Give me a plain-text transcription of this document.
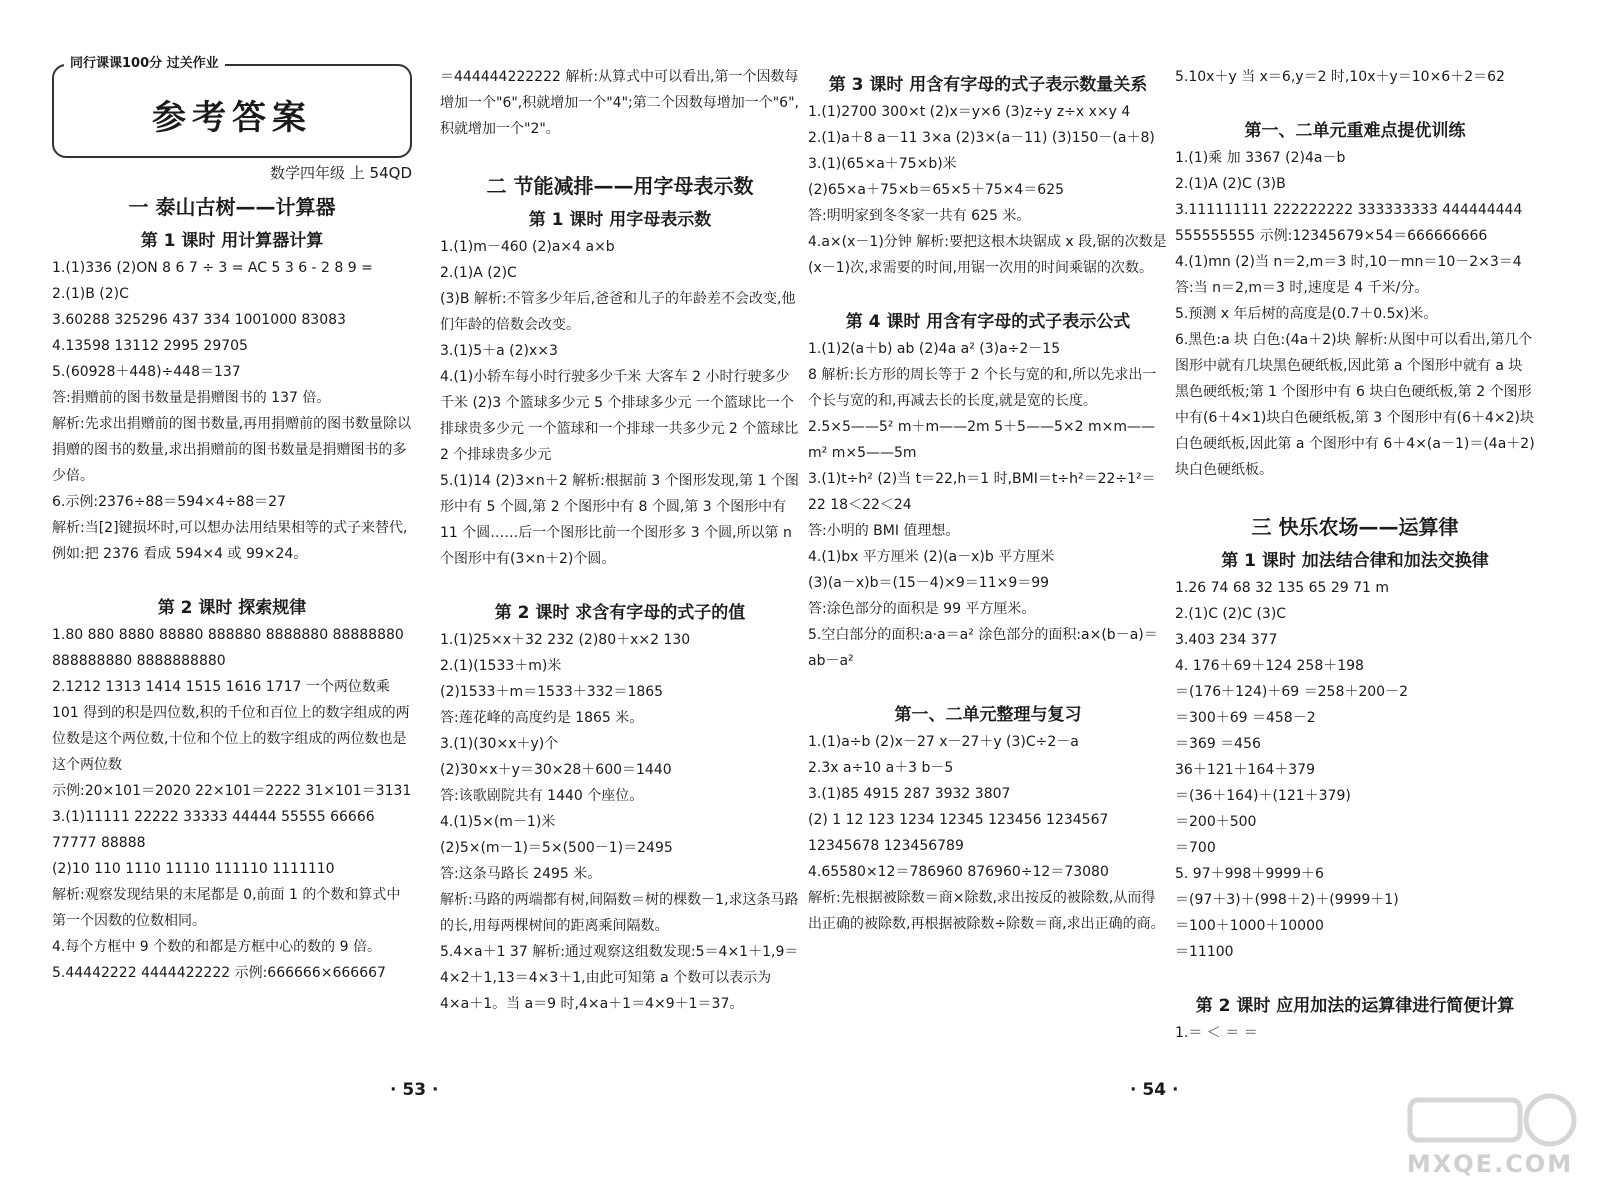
同行课课100分 过关作业
参考答案
数学四年级 上 54QD
一 泰山古树——计算器
第 1 课时 用计算器计算

1.(1)336 (2)ON 8 6 7 ÷ 3 = AC 5 3 6 - 2 8 9 =

2.(1)B (2)C

3.60288 325296 437 334 1001000 83083

4.13598 13112 2995 29705

5.(60928＋448)÷448＝137

答:捐赠前的图书数量是捐赠图书的 137 倍。

解析:先求出捐赠前的图书数量,再用捐赠前的图书数量除以捐赠的图书的数量,求出捐赠前的图书数量是捐赠图书的多少倍。

6.示例:2376÷88＝594×4÷88＝27

解析:当[2]键损坏时,可以想办法用结果相等的式子来替代,例如:把 2376 看成 594×4 或 99×24。

第 2 课时 探索规律

1.80 880 8880 88880 888880 8888880 88888880 888888880 8888888880

2.1212 1313 1414 1515 1616 1717 一个两位数乘 101 得到的积是四位数,积的千位和百位上的数字组成的两位数是这个两位数,十位和个位上的数字组成的两位数也是这个两位数

示例:20×101＝2020 22×101＝2222 31×101＝3131

3.(1)11111 22222 33333 44444 55555 66666 77777 88888

(2)10 110 1110 11110 111110 1111110

解析:观察发现结果的末尾都是 0,前面 1 的个数和算式中第一个因数的位数相同。

4.每个方框中 9 个数的和都是方框中心的数的 9 倍。

5.44442222 4444422222 示例:666666×666667

＝444444222222 解析:从算式中可以看出,第一个因数每增加一个"6",积就增加一个"4";第二个因数每增加一个"6",积就增加一个"2"。

二 节能减排——用字母表示数
第 1 课时 用字母表示数

1.(1)m－460 (2)a×4 a×b

2.(1)A (2)C

(3)B 解析:不管多少年后,爸爸和儿子的年龄差不会改变,他们年龄的倍数会改变。

3.(1)5＋a (2)x×3

4.(1)小轿车每小时行驶多少千米 大客车 2 小时行驶多少千米 (2)3 个篮球多少元 5 个排球多少元 一个篮球比一个排球贵多少元 一个篮球和一个排球一共多少元 2 个篮球比 2 个排球贵多少元

5.(1)14 (2)3×n＋2 解析:根据前 3 个图形发现,第 1 个图形中有 5 个圆,第 2 个图形中有 8 个圆,第 3 个图形中有 11 个圆……后一个图形比前一个图形多 3 个圆,所以第 n 个图形中有(3×n＋2)个圆。

第 2 课时 求含有字母的式子的值

1.(1)25×x＋32 232 (2)80＋x×2 130

2.(1)(1533＋m)米

(2)1533＋m＝1533＋332＝1865

答:莲花峰的高度约是 1865 米。

3.(1)(30×x＋y)个

(2)30×x＋y＝30×28＋600＝1440

答:该歌剧院共有 1440 个座位。

4.(1)5×(m－1)米

(2)5×(m－1)＝5×(500－1)＝2495

答:这条马路长 2495 米。

解析:马路的两端都有树,间隔数＝树的棵数－1,求这条马路的长,用每两棵树间的距离乘间隔数。

5.4×a＋1 37 解析:通过观察这组数发现:5＝4×1＋1,9＝4×2＋1,13＝4×3＋1,由此可知第 a 个数可以表示为 4×a＋1。当 a＝9 时,4×a＋1＝4×9＋1＝37。

第 3 课时 用含有字母的式子表示数量关系

1.(1)2700 300×t (2)x＝y×6 (3)z÷y z÷x x×y 4

2.(1)a＋8 a－11 3×a (2)3×(a－11) (3)150－(a＋8)

3.(1)(65×a＋75×b)米

(2)65×a＋75×b＝65×5＋75×4＝625

答:明明家到冬冬家一共有 625 米。

4.a×(x－1)分钟 解析:要把这根木块锯成 x 段,锯的次数是(x－1)次,求需要的时间,用锯一次用的时间乘锯的次数。

第 4 课时 用含有字母的式子表示公式

1.(1)2(a＋b) ab (2)4a a² (3)a÷2－15

8 解析:长方形的周长等于 2 个长与宽的和,所以先求出一个长与宽的和,再减去长的长度,就是宽的长度。

2.5×5——5² m＋m——2m 5＋5——5×2 m×m——m² m×5——5m

3.(1)t÷h² (2)当 t＝22,h＝1 时,BMI＝t÷h²＝22÷1²＝22 18＜22＜24

答:小明的 BMI 值理想。

4.(1)bx 平方厘米 (2)(a－x)b 平方厘米

(3)(a－x)b＝(15－4)×9＝11×9＝99

答:涂色部分的面积是 99 平方厘米。

5.空白部分的面积:a·a＝a² 涂色部分的面积:a×(b－a)＝ab－a²

第一、二单元整理与复习

1.(1)a÷b (2)x－27 x－27＋y (3)C÷2－a

2.3x a÷10 a＋3 b－5

3.(1)85 4915 287 3932 3807

(2) 1 12 123 1234 12345 123456 1234567 12345678 123456789

4.65580×12＝786960 876960÷12＝73080

解析:先根据被除数＝商×除数,求出按反的被除数,从而得出正确的被除数,再根据被除数÷除数＝商,求出正确的商。

5.10x＋y 当 x＝6,y＝2 时,10x＋y＝10×6＋2＝62

第一、二单元重难点提优训练

1.(1)乘 加 3367 (2)4a－b

2.(1)A (2)C (3)B

3.111111111 222222222 333333333 444444444 555555555 示例:12345679×54＝666666666

4.(1)mn (2)当 n＝2,m＝3 时,10－mn＝10－2×3＝4 答:当 n＝2,m＝3 时,速度是 4 千米/分。

5.预测 x 年后树的高度是(0.7＋0.5x)米。

6.黑色:a 块 白色:(4a＋2)块 解析:从图中可以看出,第几个图形中就有几块黑色硬纸板,因此第 a 个图形中就有 a 块黑色硬纸板;第 1 个图形中有 6 块白色硬纸板,第 2 个图形中有(6＋4×1)块白色硬纸板,第 3 个图形中有(6＋4×2)块白色硬纸板,因此第 a 个图形中有 6＋4×(a－1)＝(4a＋2)块白色硬纸板。

三 快乐农场——运算律
第 1 课时 加法结合律和加法交换律

1.26 74 68 32 135 65 29 71 m

2.(1)C (2)C (3)C

3.403 234 377

4. 176＋69＋124 258＋198

＝(176＋124)＋69 ＝258＋200－2

＝300＋69 ＝458－2

＝369 ＝456

36＋121＋164＋379

＝(36＋164)＋(121＋379)

＝200＋500

＝700

5. 97＋998＋9999＋6

＝(97＋3)＋(998＋2)＋(9999＋1)

＝100＋1000＋10000

＝11100

第 2 课时 应用加法的运算律进行简便计算

1.＝ ＜ ＝ ＝

· 53 ·	· 54 ·
MXQE.COM
